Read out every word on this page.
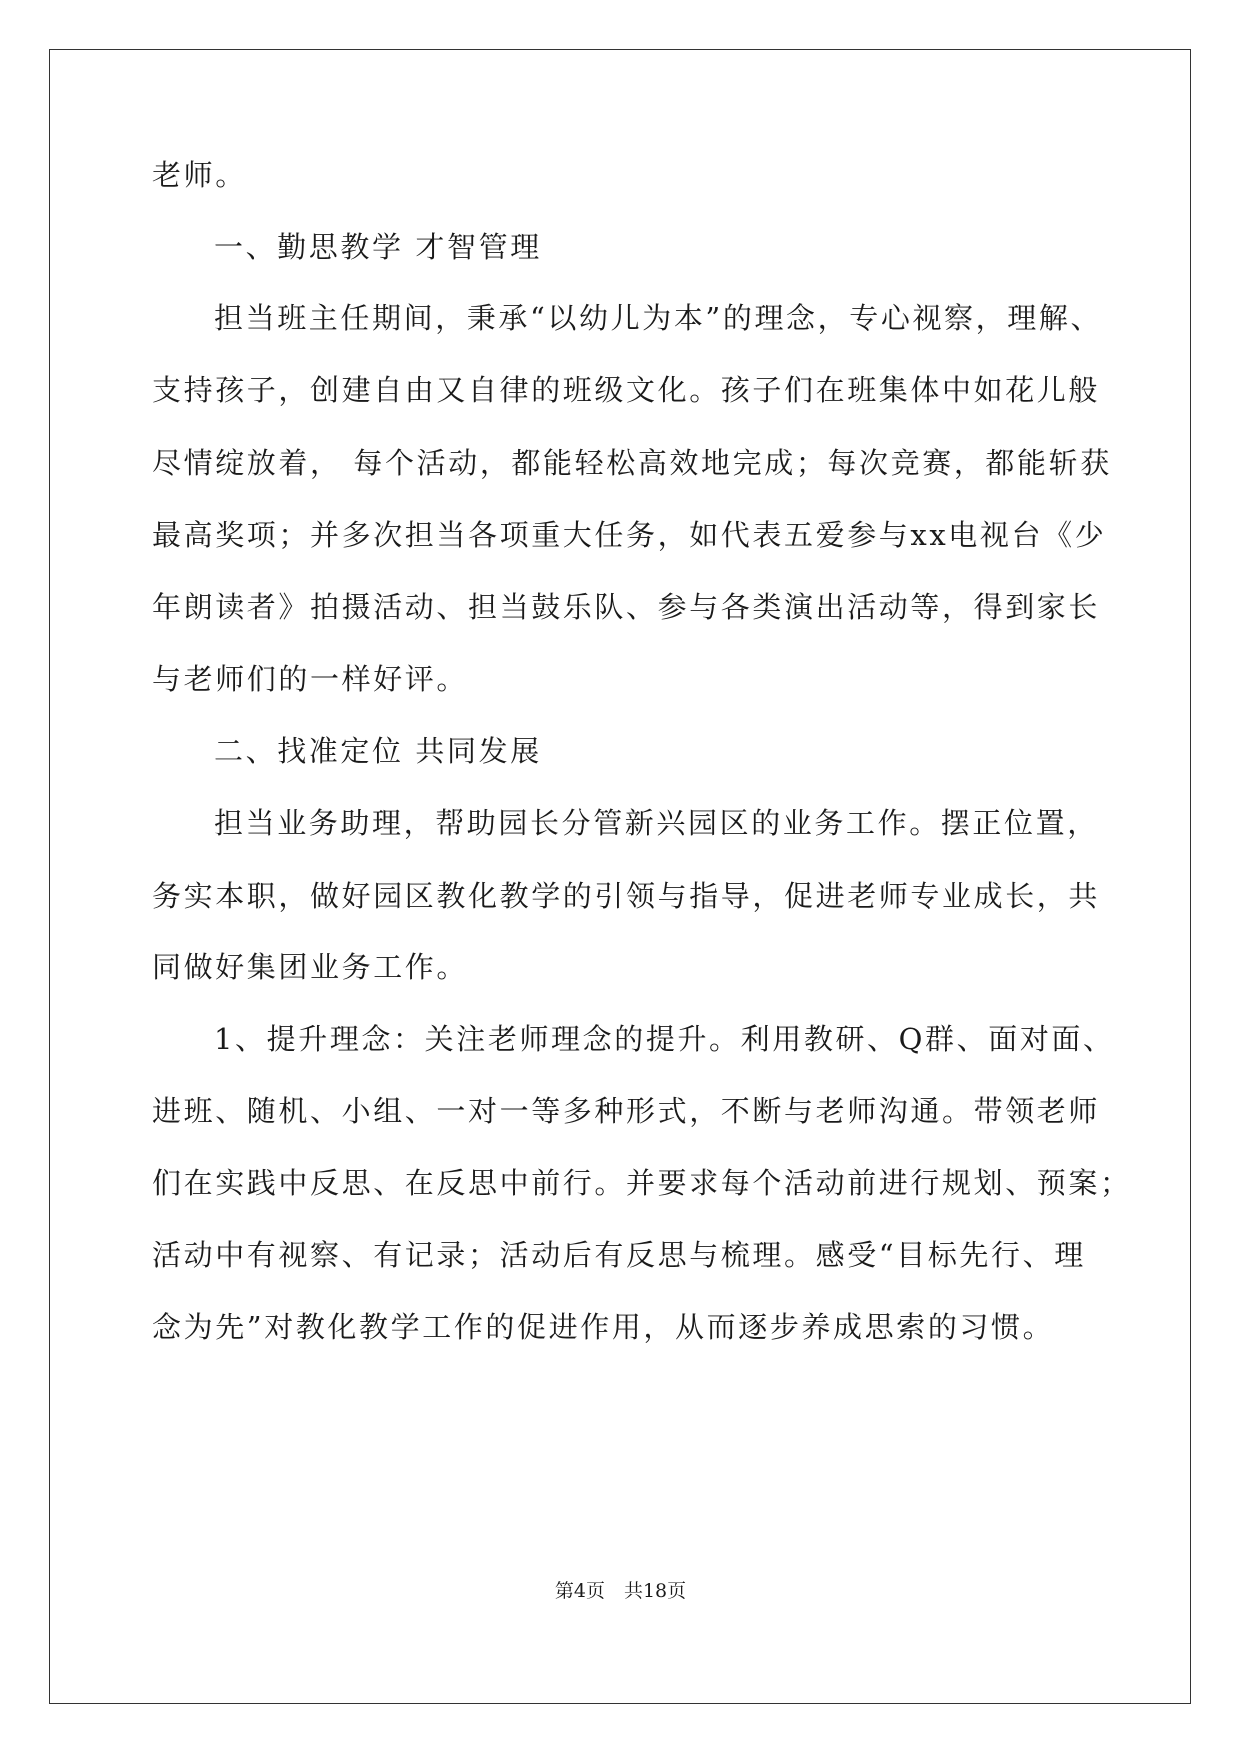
老师。
一、勤思教学 才智管理
担当班主任期间，秉承“以幼儿为本”的理念，专心视察，理解、
支持孩子，创建自由又自律的班级文化。孩子们在班集体中如花儿般
尽情绽放着， 每个活动，都能轻松高效地完成；每次竞赛，都能斩获
最高奖项；并多次担当各项重大任务，如代表五爱参与xx电视台《少
年朗读者》拍摄活动、担当鼓乐队、参与各类演出活动等，得到家长
与老师们的一样好评。
二、找准定位 共同发展
担当业务助理，帮助园长分管新兴园区的业务工作。摆正位置，
务实本职，做好园区教化教学的引领与指导，促进老师专业成长，共
同做好集团业务工作。
1、提升理念：关注老师理念的提升。利用教研、Q群、面对面、
进班、随机、小组、一对一等多种形式，不断与老师沟通。带领老师
们在实践中反思、在反思中前行。并要求每个活动前进行规划、预案；
活动中有视察、有记录；活动后有反思与梳理。感受“目标先行、理
念为先”对教化教学工作的促进作用，从而逐步养成思索的习惯。
第4页　共18页
